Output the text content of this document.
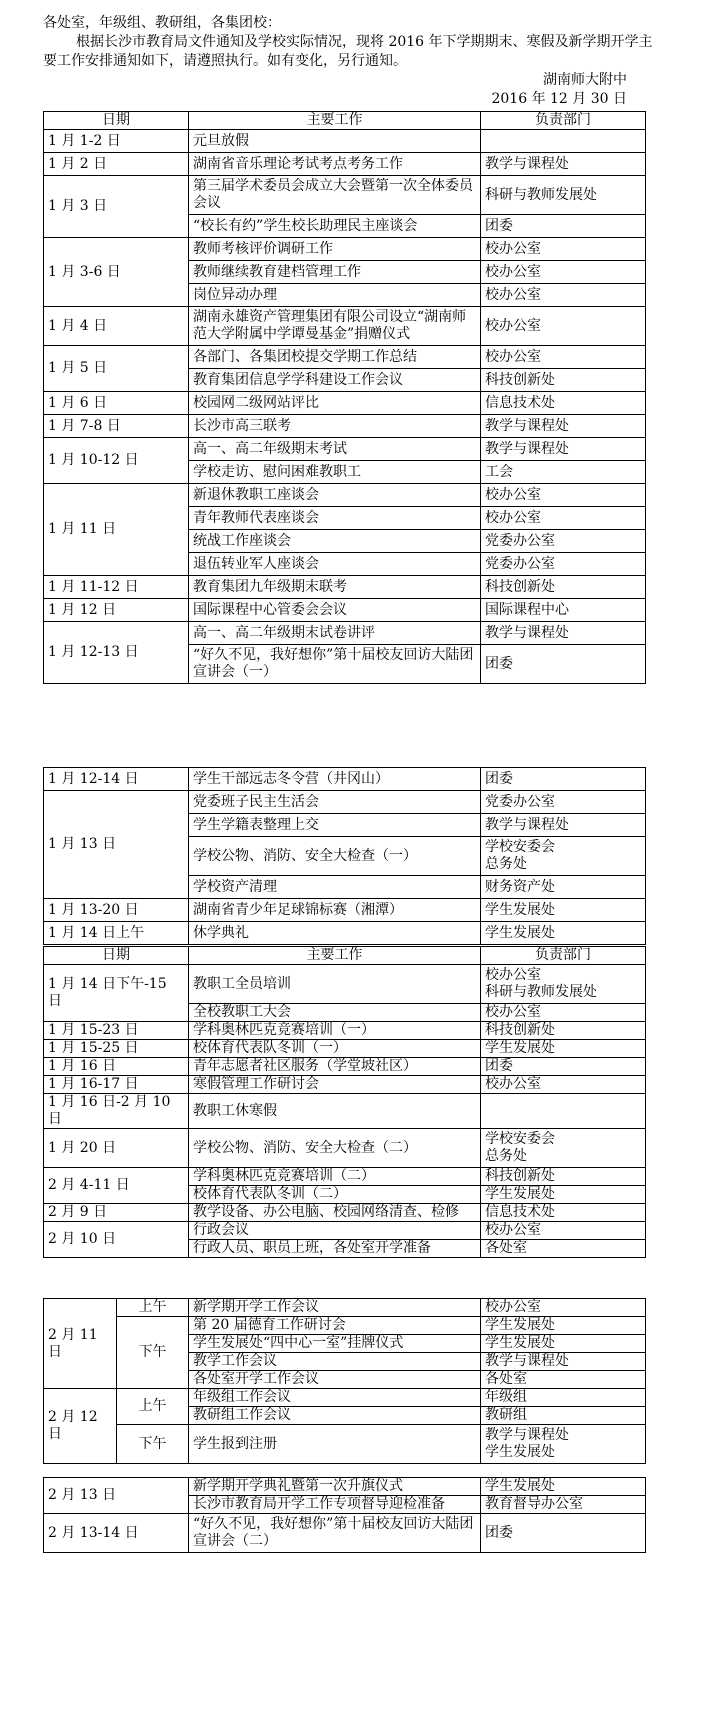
各处室，年级组、教研组，各集团校：

根据长沙市教育局文件通知及学校实际情况，现将 2016 年下学期期末、寒假及新学期开学主要工作安排通知如下，请遵照执行。如有变化，另行通知。

湖南师大附中

2016 年 12 月 30 日

日期	主要工作	负责部门
1 月 1-2 日	元旦放假	
1 月 2 日	湖南省音乐理论考试考点考务工作	教学与课程处
1 月 3 日	第三届学术委员会成立大会暨第一次全体委员会议	科研与教师发展处
	“校长有约”学生校长助理民主座谈会	团委
1 月 3-6 日	教师考核评价调研工作	校办公室
	教师继续教育建档管理工作	校办公室
	岗位异动办理	校办公室
1 月 4 日	湖南永雄资产管理集团有限公司设立“湖南师范大学附属中学谭曼基金”捐赠仪式	校办公室
1 月 5 日	各部门、各集团校提交学期工作总结	校办公室
	教育集团信息学学科建设工作会议	科技创新处
1 月 6 日	校园网二级网站评比	信息技术处
1 月 7-8 日	长沙市高三联考	教学与课程处
1 月 10-12 日	高一、高二年级期末考试	教学与课程处
	学校走访、慰问困难教职工	工会
1 月 11 日	新退休教职工座谈会	校办公室
	青年教师代表座谈会	校办公室
	统战工作座谈会	党委办公室
	退伍转业军人座谈会	党委办公室
1 月 11-12 日	教育集团九年级期末联考	科技创新处
1 月 12 日	国际课程中心管委会会议	国际课程中心
1 月 12-13 日	高一、高二年级期末试卷讲评	教学与课程处
	“好久不见，我好想你”第十届校友回访大陆团宣讲会（一）	团委
1 月 12-14 日	学生干部远志冬令营（井冈山）	团委
1 月 13 日	党委班子民主生活会	党委办公室
	学生学籍表整理上交	教学与课程处
	学校公物、消防、安全大检查（一）	学校安委会
总务处
	学校资产清理	财务资产处
1 月 13-20 日	湖南省青少年足球锦标赛（湘潭）	学生发展处
1 月 14 日上午	休学典礼	学生发展处
日期	主要工作	负责部门
1 月 14 日下午-15 日	教职工全员培训	校办公室
科研与教师发展处
	全校教职工大会	校办公室
1 月 15-23 日	学科奥林匹克竞赛培训（一）	科技创新处
1 月 15-25 日	校体育代表队冬训（一）	学生发展处
1 月 16 日	青年志愿者社区服务（学堂坡社区）	团委
1 月 16-17 日	寒假管理工作研讨会	校办公室
1 月 16 日-2 月 10 日	教职工休寒假	
1 月 20 日	学校公物、消防、安全大检查（二）	学校安委会
总务处
2 月 4-11 日	学科奥林匹克竞赛培训（二）	科技创新处
	校体育代表队冬训（二）	学生发展处
2 月 9 日	教学设备、办公电脑、校园网络清查、检修	信息技术处
2 月 10 日	行政会议	校办公室
	行政人员、职员上班，各处室开学准备	各处室
2 月 11 日	上午	新学期开学工作会议	校办公室
	下午	第 20 届德育工作研讨会	学生发展处
		学生发展处“四中心一室”挂牌仪式	学生发展处
		教学工作会议	教学与课程处
		各处室开学工作会议	各处室
2 月 12 日	上午	年级组工作会议	年级组
		教研组工作会议	教研组
	下午	学生报到注册	教学与课程处
学生发展处
2 月 13 日	新学期开学典礼暨第一次升旗仪式	学生发展处
	长沙市教育局开学工作专项督导迎检准备	教育督导办公室
2 月 13-14 日	“好久不见，我好想你”第十届校友回访大陆团宣讲会（二）	团委
